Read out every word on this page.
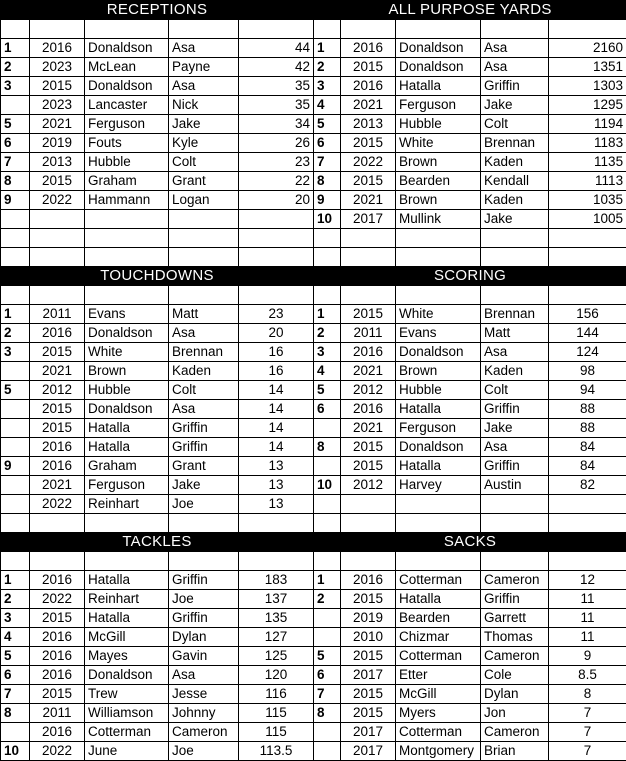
RECEPTIONS					ALL PURPOSE YARDS				

1	2016	Donaldson	Asa	44	1	2016	Donaldson	Asa	2160
2	2023	McLean	Payne	42	2	2015	Donaldson	Asa	1351
3	2015	Donaldson	Asa	35	3	2016	Hatalla	Griffin	1303
	2023	Lancaster	Nick	35	4	2021	Ferguson	Jake	1295
5	2021	Ferguson	Jake	34	5	2013	Hubble	Colt	1194
6	2019	Fouts	Kyle	26	6	2015	White	Brennan	1183
7	2013	Hubble	Colt	23	7	2022	Brown	Kaden	1135
8	2015	Graham	Grant	22	8	2015	Bearden	Kendall	1113
9	2022	Hammann	Logan	20	9	2021	Brown	Kaden	1035
					10	2017	Mullink	Jake	1005

TOUCHDOWNS					SCORING				

1	2011	Evans	Matt	23	1	2015	White	Brennan	156
2	2016	Donaldson	Asa	20	2	2011	Evans	Matt	144
3	2015	White	Brennan	16	3	2016	Donaldson	Asa	124
	2021	Brown	Kaden	16	4	2021	Brown	Kaden	98
5	2012	Hubble	Colt	14	5	2012	Hubble	Colt	94
	2015	Donaldson	Asa	14	6	2016	Hatalla	Griffin	88
	2015	Hatalla	Griffin	14		2021	Ferguson	Jake	88
	2016	Hatalla	Griffin	14	8	2015	Donaldson	Asa	84
9	2016	Graham	Grant	13		2015	Hatalla	Griffin	84
	2021	Ferguson	Jake	13	10	2012	Harvey	Austin	82
	2022	Reinhart	Joe	13					

TACKLES					SACKS				

1	2016	Hatalla	Griffin	183	1	2016	Cotterman	Cameron	12
2	2022	Reinhart	Joe	137	2	2015	Hatalla	Griffin	11
3	2015	Hatalla	Griffin	135		2019	Bearden	Garrett	11
4	2016	McGill	Dylan	127		2010	Chizmar	Thomas	11
5	2016	Mayes	Gavin	125	5	2015	Cotterman	Cameron	9
6	2016	Donaldson	Asa	120	6	2017	Etter	Cole	8.5
7	2015	Trew	Jesse	116	7	2015	McGill	Dylan	8
8	2011	Williamson	Johnny	115	8	2015	Myers	Jon	7
	2016	Cotterman	Cameron	115		2017	Cotterman	Cameron	7
10	2022	June	Joe	113.5		2017	Montgomery	Brian	7
